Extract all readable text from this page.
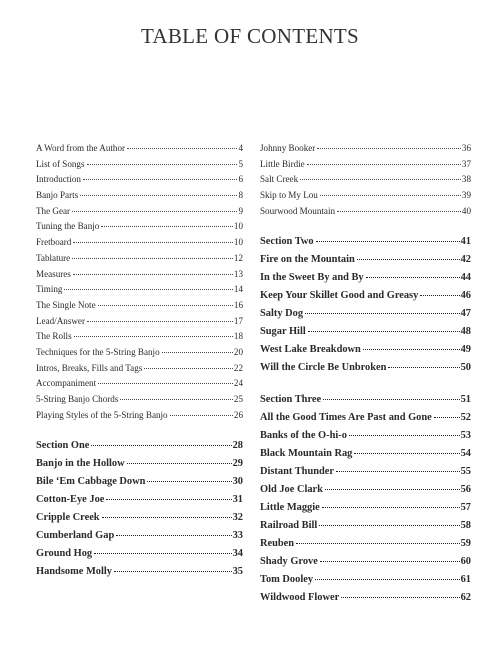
TABLE OF CONTENTS
A Word from the Author	4
List of Songs	5
Introduction	6
Banjo Parts	8
The Gear	9
Tuning the Banjo	10
Fretboard	10
Tablature	12
Measures	13
Timing	14
The Single Note	16
Lead/Answer	17
The Rolls	18
Techniques for the 5-String Banjo	20
Intros, Breaks, Fills and Tags	22
Accompaniment	24
5-String Banjo Chords	25
Playing Styles of the 5-String Banjo	26
Section One	28
Banjo in the Hollow	29
Bile ‘Em Cabbage Down	30
Cotton-Eye Joe	31
Cripple Creek	32
Cumberland Gap	33
Ground Hog	34
Handsome Molly	35
Johnny Booker	36
Little Birdie	37
Salt Creek	38
Skip to My Lou	39
Sourwood Mountain	40
Section Two	41
Fire on the Mountain	42
In the Sweet By and By	44
Keep Your Skillet Good and Greasy	46
Salty Dog	47
Sugar Hill	48
West Lake Breakdown	49
Will the Circle Be Unbroken	50
Section Three	51
All the Good Times Are Past and Gone	52
Banks of the O-hi-o	53
Black Mountain Rag	54
Distant Thunder	55
Old Joe Clark	56
Little Maggie	57
Railroad Bill	58
Reuben	59
Shady Grove	60
Tom Dooley	61
Wildwood Flower	62
